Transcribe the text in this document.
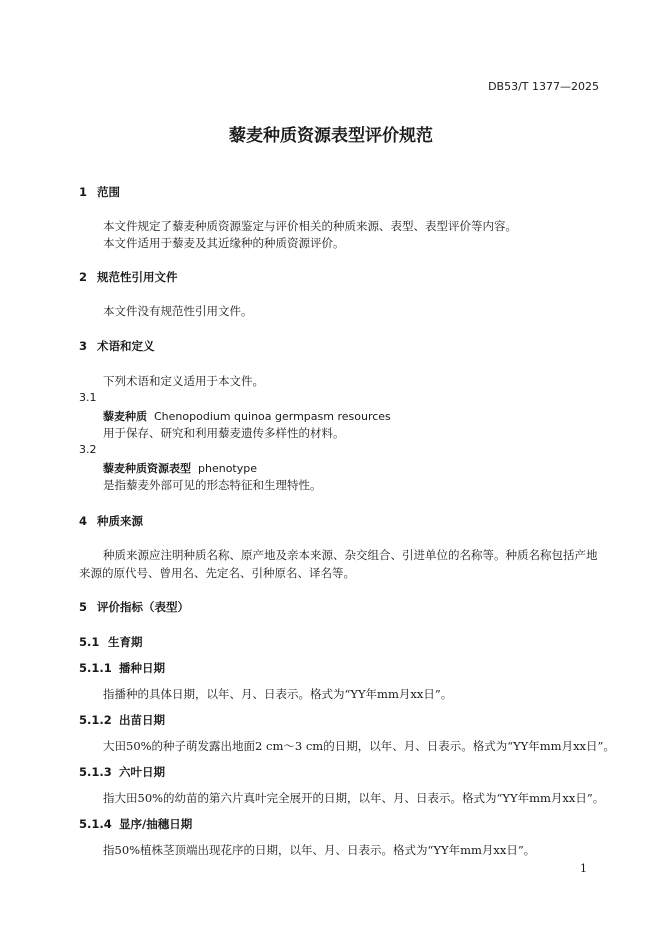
DB53/T 1377—2025
藜麦种质资源表型评价规范
1 范围
本文件规定了藜麦种质资源鉴定与评价相关的种质来源、表型、表型评价等内容。
本文件适用于藜麦及其近缘种的种质资源评价。
2 规范性引用文件
本文件没有规范性引用文件。
3 术语和定义
下列术语和定义适用于本文件。
3.1
藜麦种质 Chenopodium quinoa germpasm resources
用于保存、研究和利用藜麦遗传多样性的材料。
3.2
藜麦种质资源表型 phenotype
是指藜麦外部可见的形态特征和生理特性。
4 种质来源
种质来源应注明种质名称、原产地及亲本来源、杂交组合、引进单位的名称等。种质名称包括产地
来源的原代号、曾用名、先定名、引种原名、译名等。
5 评价指标（表型）
5.1 生育期
5.1.1 播种日期
指播种的具体日期，以年、月、日表示。格式为“YY年mm月xx日”。
5.1.2 出苗日期
大田50%的种子萌发露出地面2 cm～3 cm的日期，以年、月、日表示。格式为“YY年mm月xx日”。
5.1.3 六叶日期
指大田50%的幼苗的第六片真叶完全展开的日期，以年、月、日表示。格式为“YY年mm月xx日”。
5.1.4 显序/抽穗日期
指50%植株茎顶端出现花序的日期，以年、月、日表示。格式为“YY年mm月xx日”。
1
